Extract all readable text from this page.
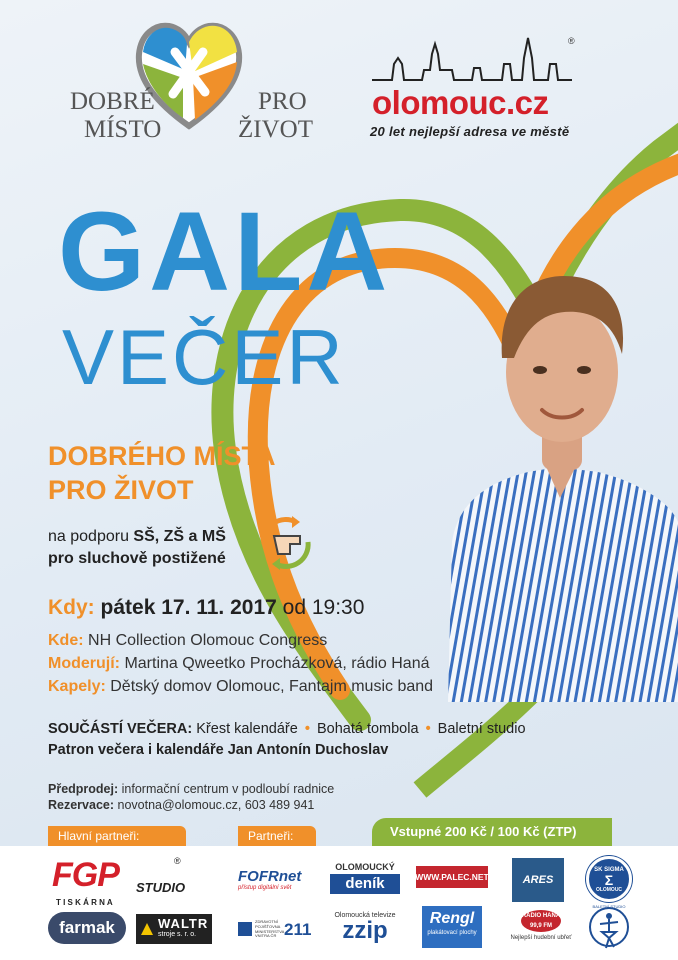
DOBRÉ	PRO
MÍSTO	ŽIVOT
®
olomouc.cz
20 let nejlepší adresa ve městě
GALA
VEČER
DOBRÉHO MÍSTA
PRO ŽIVOT
na podporu SŠ, ZŠ a MŠ
pro sluchově postižené
Kdy: pátek 17. 11. 2017 od 19:30
Kde: NH Collection Olomouc Congress
Moderují: Martina Qweetko Procházková, rádio Haná
Kapely: Dětský domov Olomouc, Fantajm music band
SOUČÁSTÍ VEČERA: Křest kalendáře • Bohatá tombola • Baletní studio
Patron večera i kalendáře Jan Antonín Duchoslav
Předprodej: informační centrum v podloubí radnice
Rezervace: novotna@olomouc.cz, 603 489 941
Hlavní partneři:	Partneři:	Vstupné 200 Kč / 100 Kč (ZTP)
FGP	®
STUDIO
T I S K Á R N A
farmak	WALTR
stroje s. r. o.
FOFRnet
přístup digitální svět
ZDRAVOTNÍ POJIŠŤOVNA MINISTERSTVA VNITRA ČR 211
OLOMOUCKÝ
deník
Olomoucká televize
zzip
WWW.PALEC.NET
Rengl
plakátovací plochy
ARES
RÁDIO HANÁ
99,9 FM
Nejlepší hudební ubřeť
SK SIGMA
Σ
OLOMOUC
BALETNÍ STUDIO
